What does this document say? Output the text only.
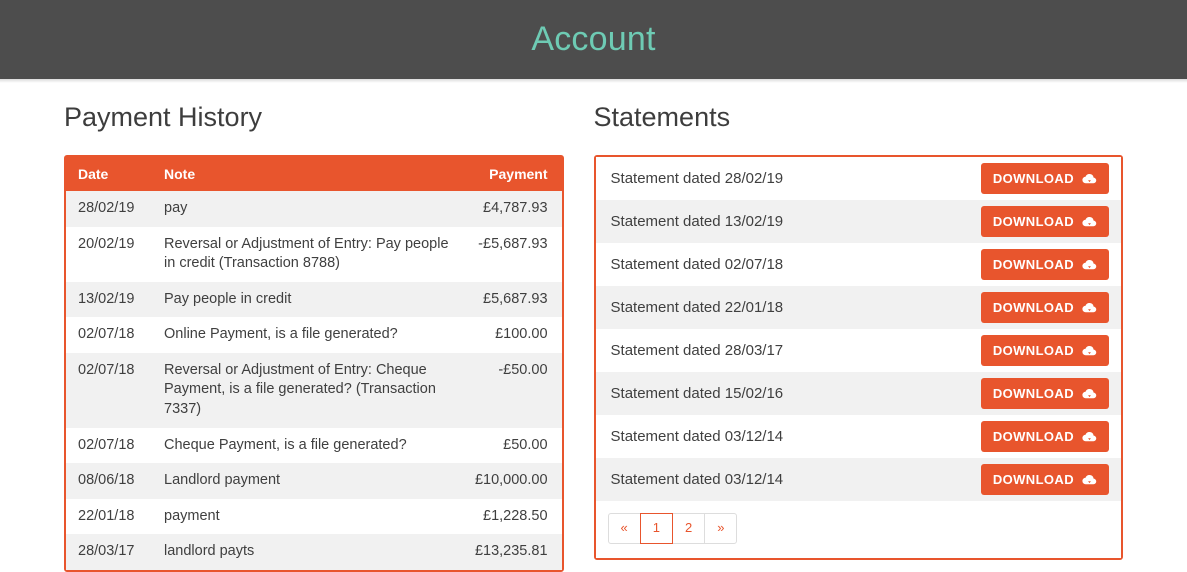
Account
Payment History
Date	Note	Payment
28/02/19	pay	£4,787.93
20/02/19	Reversal or Adjustment of Entry: Pay people in credit (Transaction 8788)	-£5,687.93
13/02/19	Pay people in credit	£5,687.93
02/07/18	Online Payment, is a file generated?	£100.00
02/07/18	Reversal or Adjustment of Entry: Cheque Payment, is a file generated? (Transaction 7337)	-£50.00
02/07/18	Cheque Payment, is a file generated?	£50.00
08/06/18	Landlord payment	£10,000.00
22/01/18	payment	£1,228.50
28/03/17	landlord payts	£13,235.81
Statements
Statement dated 28/02/19	DOWNLOAD
Statement dated 13/02/19	DOWNLOAD
Statement dated 02/07/18	DOWNLOAD
Statement dated 22/01/18	DOWNLOAD
Statement dated 28/03/17	DOWNLOAD
Statement dated 15/02/16	DOWNLOAD
Statement dated 03/12/14	DOWNLOAD
Statement dated 03/12/14	DOWNLOAD
«	1	2	»
